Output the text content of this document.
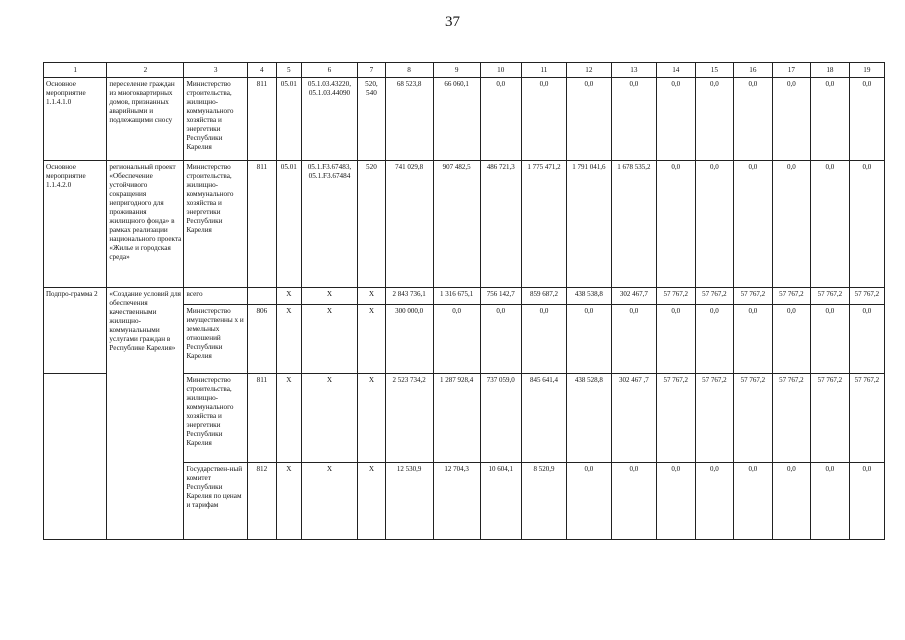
37
1	2	3	4	5	6	7	8	9	10	11	12	13	14	15	16	17	18	19
Основное мероприятие 1.1.4.1.0	переселение граждан из многоквартирных домов, признанных аварийными и подлежащими сносу	Министерство строительства, жилищно-коммунального хозяйства и энергетики Республики Карелия	811	05.01	05.1.03.43220, 05.1.03.44090	520, 540	68 523,8	66 060,1	0,0	0,0	0,0	0,0	0,0	0,0	0,0	0,0	0,0	0,0
Основное мероприятие 1.1.4.2.0	региональный проект «Обеспечение устойчивого сокращения непригодного для проживания жилищного фонда» в рамках реализации национального проекта «Жилье и городская среда»	Министерство строительства, жилищно-коммунального хозяйства и энергетики Республики Карелия	811	05.01	05.1.F3.67483, 05.1.F3.67484	520	741 029,8	907 482,5	486 721,3	1 775 471,2	1 791 041,6	1 678 535,2	0,0	0,0	0,0	0,0	0,0	0,0
Подпро-грамма 2	«Создание условий для обеспечения качественными жилищно-коммунальными услугами граждан в Республике Карелия»	всего		X	X	X	2 843 736,1	1 316 675,1	756 142,7	859 687,2	438 538,8	302 467,7	57 767,2	57 767,2	57 767,2	57 767,2	57 767,2	57 767,2
		Министерство имущественны х и земельных отношений Республики Карелия	806	X	X	X	300 000,0	0,0	0,0	0,0	0,0	0,0	0,0	0,0	0,0	0,0	0,0	0,0
		Министерство строительства, жилищно-коммунального хозяйства и энергетики Республики Карелия	811	X	X	X	2 523 734,2	1 287 928,4	737 059,0	845 641,4	438 528,8	302 467 ,7	57 767,2	57 767,2	57 767,2	57 767,2	57 767,2	57 767,2
		Государствен-ный комитет Республики Карелия по ценам и тарифам	812	X	X	X	12 530,9	12 704,3	10 604,1	8 520,9	0,0	0,0	0,0	0,0	0,0	0,0	0,0	0,0
